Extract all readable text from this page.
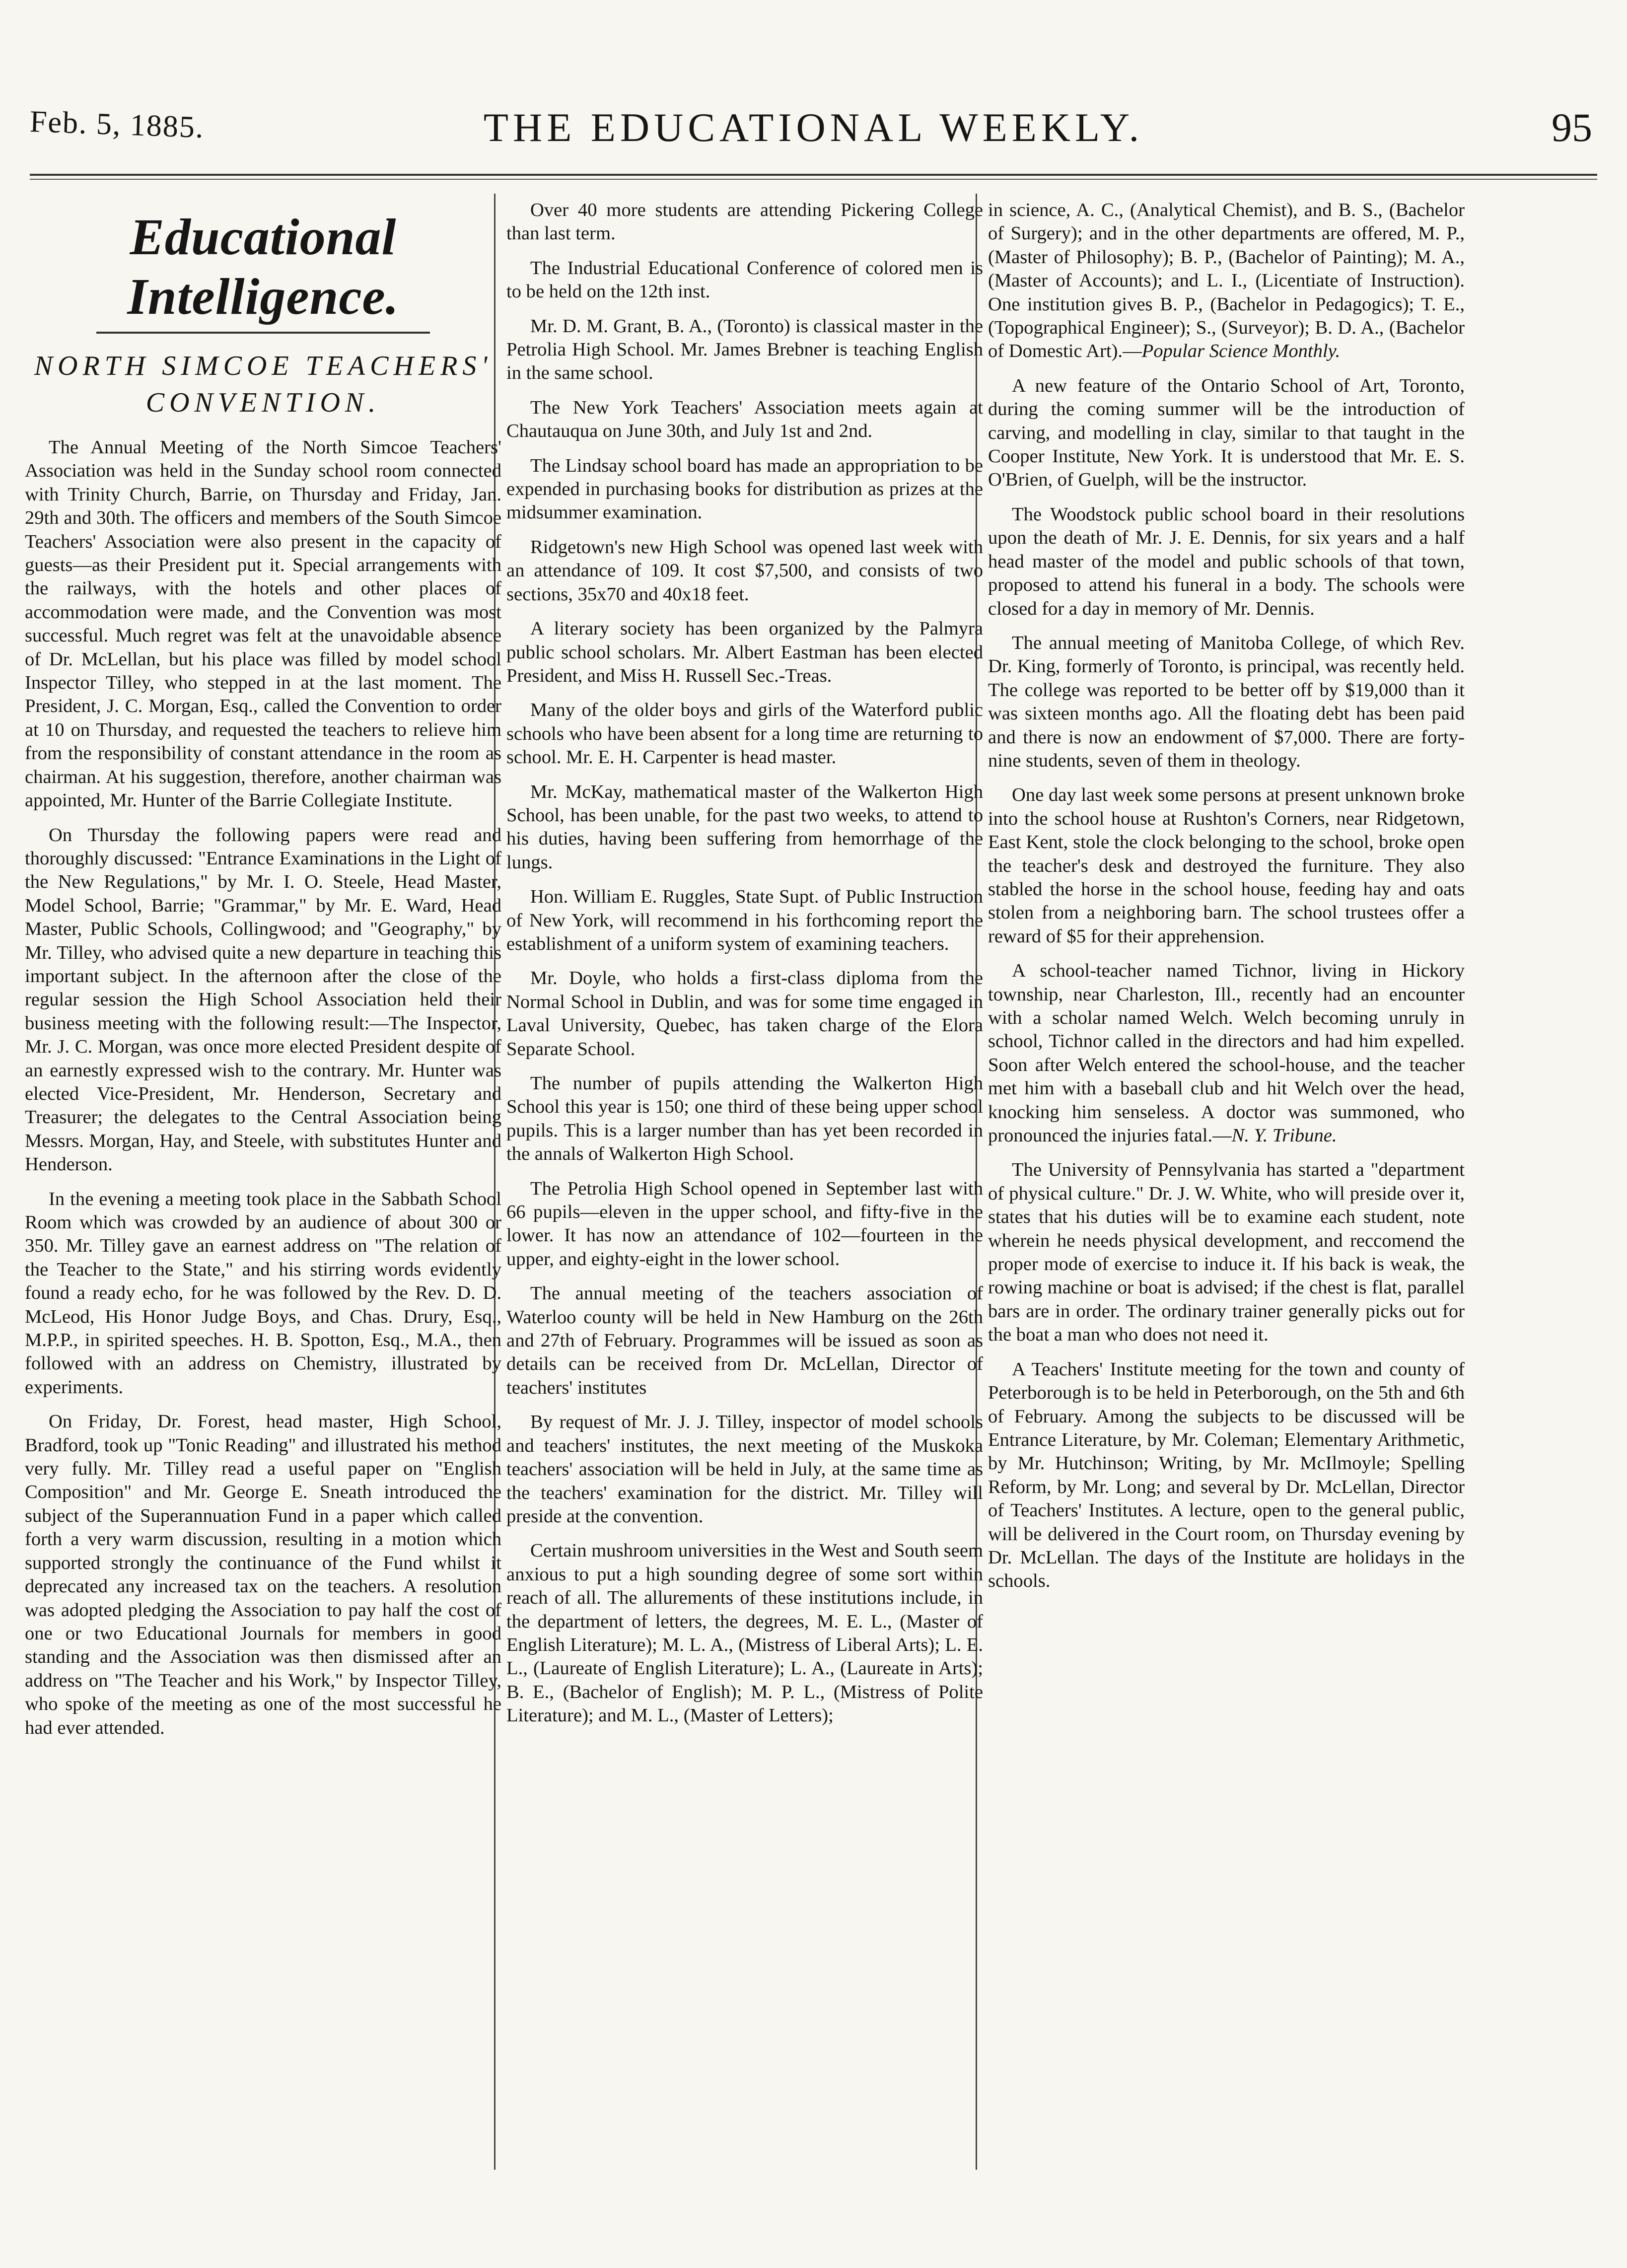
Feb. 5, 1885.	THE EDUCATIONAL WEEKLY.	95
Educational Intelligence.
NORTH SIMCOE TEACHERS' CONVENTION.

The Annual Meeting of the North Simcoe Teachers' Association was held in the Sunday school room connected with Trinity Church, Barrie, on Thursday and Friday, Jan. 29th and 30th. The officers and members of the South Simcoe Teachers' Association were also present in the capacity of guests—as their President put it. Special arrangements with the railways, with the hotels and other places of accommodation were made, and the Convention was most successful. Much regret was felt at the unavoidable absence of Dr. McLellan, but his place was filled by model school Inspector Tilley, who stepped in at the last moment. The President, J. C. Morgan, Esq., called the Convention to order at 10 on Thursday, and requested the teachers to relieve him from the responsibility of constant attendance in the room as chairman. At his suggestion, therefore, another chairman was appointed, Mr. Hunter of the Barrie Collegiate Institute.

On Thursday the following papers were read and thoroughly discussed: "Entrance Examinations in the Light of the New Regulations," by Mr. I. O. Steele, Head Master, Model School, Barrie; "Grammar," by Mr. E. Ward, Head Master, Public Schools, Collingwood; and "Geography," by Mr. Tilley, who advised quite a new departure in teaching this important subject. In the afternoon after the close of the regular session the High School Association held their business meeting with the following result:—The Inspector, Mr. J. C. Morgan, was once more elected President despite of an earnestly expressed wish to the contrary. Mr. Hunter was elected Vice-President, Mr. Henderson, Secretary and Treasurer; the delegates to the Central Association being Messrs. Morgan, Hay, and Steele, with substitutes Hunter and Henderson.

In the evening a meeting took place in the Sabbath School Room which was crowded by an audience of about 300 or 350. Mr. Tilley gave an earnest address on "The relation of the Teacher to the State," and his stirring words evidently found a ready echo, for he was followed by the Rev. D. D. McLeod, His Honor Judge Boys, and Chas. Drury, Esq., M.P.P., in spirited speeches. H. B. Spotton, Esq., M.A., then followed with an address on Chemistry, illustrated by experiments.

On Friday, Dr. Forest, head master, High School, Bradford, took up "Tonic Reading" and illustrated his method very fully. Mr. Tilley read a useful paper on "English Composition" and Mr. George E. Sneath introduced the subject of the Superannuation Fund in a paper which called forth a very warm discussion, resulting in a motion which supported strongly the continuance of the Fund whilst it deprecated any increased tax on the teachers. A resolution was adopted pledging the Association to pay half the cost of one or two Educational Journals for members in good standing and the Association was then dismissed after an address on "The Teacher and his Work," by Inspector Tilley, who spoke of the meeting as one of the most successful he had ever attended.

Over 40 more students are attending Pickering College than last term.

The Industrial Educational Conference of colored men is to be held on the 12th inst.

Mr. D. M. Grant, B. A., (Toronto) is classical master in the Petrolia High School. Mr. James Brebner is teaching English in the same school.

The New York Teachers' Association meets again at Chautauqua on June 30th, and July 1st and 2nd.

The Lindsay school board has made an appropriation to be expended in purchasing books for distribution as prizes at the midsummer examination.

Ridgetown's new High School was opened last week with an attendance of 109. It cost $7,500, and consists of two sections, 35x70 and 40x18 feet.

A literary society has been organized by the Palmyra public school scholars. Mr. Albert Eastman has been elected President, and Miss H. Russell Sec.-Treas.

Many of the older boys and girls of the Waterford public schools who have been absent for a long time are returning to school. Mr. E. H. Carpenter is head master.

Mr. McKay, mathematical master of the Walkerton High School, has been unable, for the past two weeks, to attend to his duties, having been suffering from hemorrhage of the lungs.

Hon. William E. Ruggles, State Supt. of Public Instruction of New York, will recommend in his forthcoming report the establishment of a uniform system of examining teachers.

Mr. Doyle, who holds a first-class diploma from the Normal School in Dublin, and was for some time engaged in Laval University, Quebec, has taken charge of the Elora Separate School.

The number of pupils attending the Walkerton High School this year is 150; one third of these being upper school pupils. This is a larger number than has yet been recorded in the annals of Walkerton High School.

The Petrolia High School opened in September last with 66 pupils—eleven in the upper school, and fifty-five in the lower. It has now an attendance of 102—fourteen in the upper, and eighty-eight in the lower school.

The annual meeting of the teachers association of Waterloo county will be held in New Hamburg on the 26th and 27th of February. Programmes will be issued as soon as details can be received from Dr. McLellan, Director of teachers' institutes

By request of Mr. J. J. Tilley, inspector of model schools and teachers' institutes, the next meeting of the Muskoka teachers' association will be held in July, at the same time as the teachers' examination for the district. Mr. Tilley will preside at the convention.

Certain mushroom universities in the West and South seem anxious to put a high sounding degree of some sort within reach of all. The allurements of these institutions include, in the department of letters, the degrees, M. E. L., (Master of English Literature); M. L. A., (Mistress of Liberal Arts); L. E. L., (Laureate of English Literature); L. A., (Laureate in Arts); B. E., (Bachelor of English); M. P. L., (Mistress of Polite Literature); and M. L., (Master of Letters);

in science, A. C., (Analytical Chemist), and B. S., (Bachelor of Surgery); and in the other departments are offered, M. P., (Master of Philosophy); B. P., (Bachelor of Painting); M. A., (Master of Accounts); and L. I., (Licentiate of Instruction). One institution gives B. P., (Bachelor in Pedagogics); T. E., (Topographical Engineer); S., (Surveyor); B. D. A., (Bachelor of Domestic Art).—Popular Science Monthly.

A new feature of the Ontario School of Art, Toronto, during the coming summer will be the introduction of carving, and modelling in clay, similar to that taught in the Cooper Institute, New York. It is understood that Mr. E. S. O'Brien, of Guelph, will be the instructor.

The Woodstock public school board in their resolutions upon the death of Mr. J. E. Dennis, for six years and a half head master of the model and public schools of that town, proposed to attend his funeral in a body. The schools were closed for a day in memory of Mr. Dennis.

The annual meeting of Manitoba College, of which Rev. Dr. King, formerly of Toronto, is principal, was recently held. The college was reported to be better off by $19,000 than it was sixteen months ago. All the floating debt has been paid and there is now an endowment of $7,000. There are forty-nine students, seven of them in theology.

One day last week some persons at present unknown broke into the school house at Rushton's Corners, near Ridgetown, East Kent, stole the clock belonging to the school, broke open the teacher's desk and destroyed the furniture. They also stabled the horse in the school house, feeding hay and oats stolen from a neighboring barn. The school trustees offer a reward of $5 for their apprehension.

A school-teacher named Tichnor, living in Hickory township, near Charleston, Ill., recently had an encounter with a scholar named Welch. Welch becoming unruly in school, Tichnor called in the directors and had him expelled. Soon after Welch entered the school-house, and the teacher met him with a baseball club and hit Welch over the head, knocking him senseless. A doctor was summoned, who pronounced the injuries fatal.—N. Y. Tribune.

The University of Pennsylvania has started a "department of physical culture." Dr. J. W. White, who will preside over it, states that his duties will be to examine each student, note wherein he needs physical development, and reccomend the proper mode of exercise to induce it. If his back is weak, the rowing machine or boat is advised; if the chest is flat, parallel bars are in order. The ordinary trainer generally picks out for the boat a man who does not need it.

A Teachers' Institute meeting for the town and county of Peterborough is to be held in Peterborough, on the 5th and 6th of February. Among the subjects to be discussed will be Entrance Literature, by Mr. Coleman; Elementary Arithmetic, by Mr. Hutchinson; Writing, by Mr. McIlmoyle; Spelling Reform, by Mr. Long; and several by Dr. McLellan, Director of Teachers' Institutes. A lecture, open to the general public, will be delivered in the Court room, on Thursday evening by Dr. McLellan. The days of the Institute are holidays in the schools.
